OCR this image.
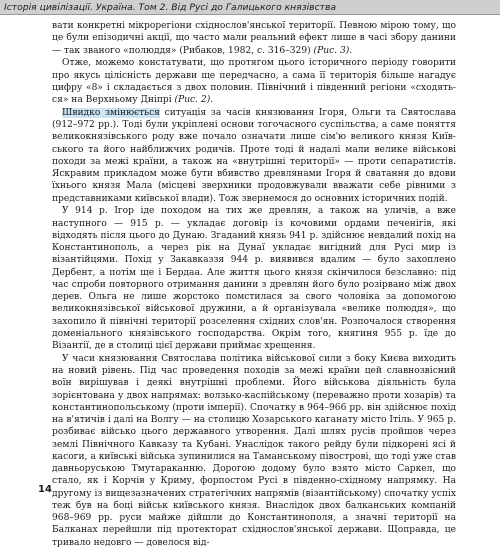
Історія цивілізації. Україна. Том 2. Від Русі до Галицького князівства

вати конкретні мікрорегіони східнослов'янської території. Певною мірою тому, що це були епізодичні акції, що часто мали реальний ефект лише в часі збору данини — так званого «полюддя» (Рибаков, 1982, с. 316–329) (Рис. 3).

Отже, можемо констатувати, що протягом цього історичного періоду говорити про якусь цілісність держави ще передчасно, а сама її територія більше нагадує цифру «8» і складається з двох половин. Північний і південний регіони «сходяться» на Верхньому Дніпрі (Рис. 2).

Швидко змінюється ситуація за часів князювання Ігоря, Ольги та Святослава (912–972 рр.). Тоді були укріплені основи тогочасного суспільства, а саме поняття великокнязівського роду вже почало означати лише сім'ю великого князя Київського та його найближчих родичів. Проте тоді й надалі мали велике військові походи за межі країни, а також на «внутрішні території» — проти сепаратистів. Яскравим прикладом може бути вбивство древлянами Ігоря й сватання до вдови їхнього князя Мала (місцеві зверхники продовжували вважати себе рівними з представниками київської влади). Тож звернемося до основних історичних подій.

У 914 р. Ігор іде походом на тих же древлян, а також на уличів, а вже наступного — 915 р. — укладає договір із кочовими ордами печенігів, які відходять після цього до Дунаю. Згаданий князь 941 р. здійснює невдалий похід на Константинополь, а через рік на Дунаї укладає вигідний для Русі мир із візантійцями. Похід у Закавказзя 944 р. виявився вдалим — було захоплено Дербент, а потім ще і Бердаа. Але життя цього князя скінчилося безславно: під час спроби повторного отримання данини з древлян його було розірвано між двох дерев. Ольга не лише жорстоко помстилася за свого чоловіка за допомогою великокнязівської військової дружини, а й організувала «велике полюддя», що захопило й північні території розселення східних слов'ян. Розпочалося створення доменіального князівського господарства. Окрім того, княгиня 955 р. їде до Візантії, де в столиці цієї держави приймає хрещення.

У часи князювання Святослава політика військової сили з боку Києва виходить на новий рівень. Під час проведення походів за межі країни цей славнозвісний воїн вирішував і деякі внутрішні проблеми. Його військова діяльність була зорієнтована у двох напрямах: волзько-каспійському (переважно проти хозарів) та константинопольському (проти імперії). Спочатку в 964–966 рр. він здійснює похід на в'ятичів і далі на Волгу — на столицю Хозарського каганату місто Ітіль. У 965 р. розбиває військо цього державного утворення. Далі шлях русів пройшов через землі Північного Кавказу та Кубані. Унаслідок такого рейду були підкорені ясі й касоги, а київські війська зупинилися на Таманському півострові, що тоді уже став давньоруською Тмутараканню. Дорогою додому було взято місто Саркел, що стало, як і Корчів у Криму, форпостом Русі в південно-східному напрямку. На другому із вищезазначених стратегічних напрямів (візантійському) спочатку успіх теж був на боці військ київського князя. Внаслідок двох балканських компаній 968–969 рр. руси майже дійшли до Константинополя, а значні території на Балканах перейшли під протекторат східнослов'янської держави. Щоправда, це тривало недовго — довелося від-

14
